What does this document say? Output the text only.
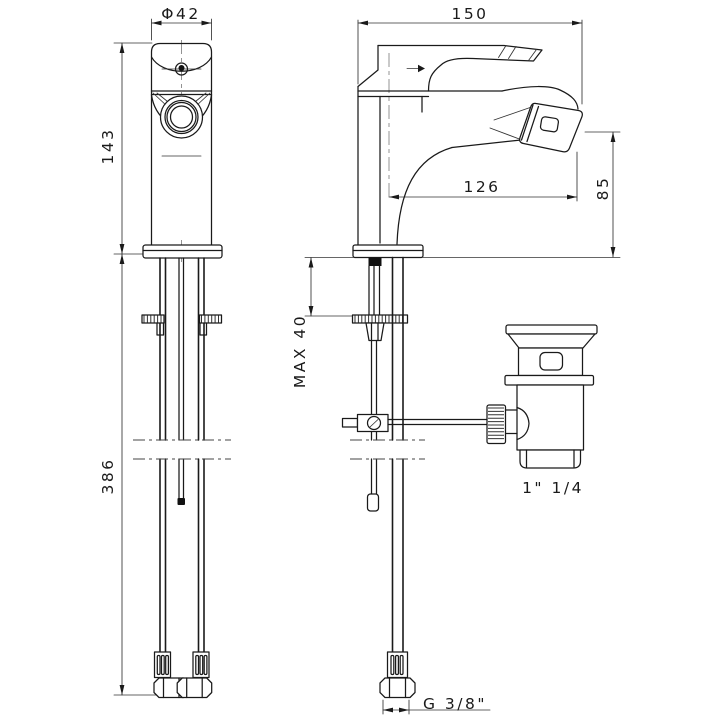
Φ42	150
143
126	85
MAX 40
386	1" 1/4
G 3/8"
